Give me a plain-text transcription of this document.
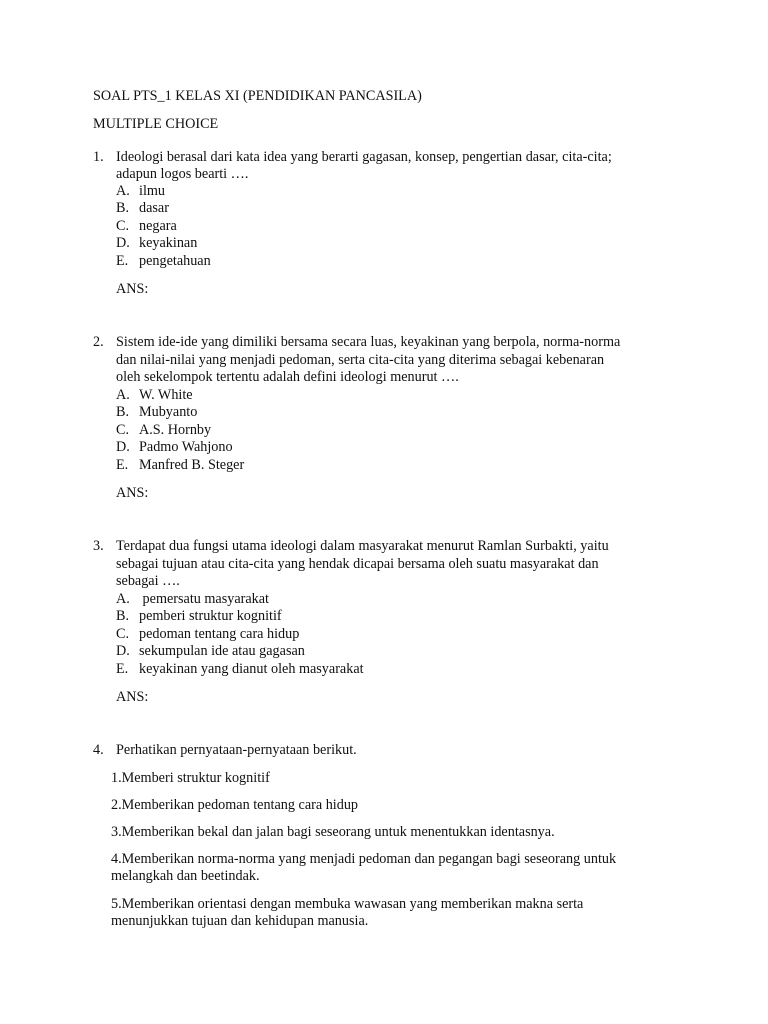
SOAL PTS_1 KELAS XI (PENDIDIKAN PANCASILA)
MULTIPLE CHOICE
1. Ideologi berasal dari kata idea yang berarti gagasan, konsep, pengertian dasar, cita-cita;
adapun logos bearti ….
A. ilmu
B. dasar
C. negara
D. keyakinan
E. pengetahuan
ANS:
2. Sistem ide-ide yang dimiliki bersama secara luas, keyakinan yang berpola, norma-norma
dan nilai-nilai yang menjadi pedoman, serta cita-cita yang diterima sebagai kebenaran
oleh sekelompok tertentu adalah defini ideologi menurut ….
A. W. White
B. Mubyanto
C. A.S. Hornby
D. Padmo Wahjono
E. Manfred B. Steger
ANS:
3. Terdapat dua fungsi utama ideologi dalam masyarakat menurut Ramlan Surbakti, yaitu
sebagai tujuan atau cita-cita yang hendak dicapai bersama oleh suatu masyarakat dan
sebagai ….
A. pemersatu masyarakat
B. pemberi struktur kognitif
C. pedoman tentang cara hidup
D. sekumpulan ide atau gagasan
E. keyakinan yang dianut oleh masyarakat
ANS:
4. Perhatikan pernyataan-pernyataan berikut.
1.Memberi struktur kognitif
2.Memberikan pedoman tentang cara hidup
3.Memberikan bekal dan jalan bagi seseorang untuk menentukkan identasnya.
4.Memberikan norma-norma yang menjadi pedoman dan pegangan bagi seseorang untuk
melangkah dan beetindak.
5.Memberikan orientasi dengan membuka wawasan yang memberikan makna serta
menunjukkan tujuan dan kehidupan manusia.
